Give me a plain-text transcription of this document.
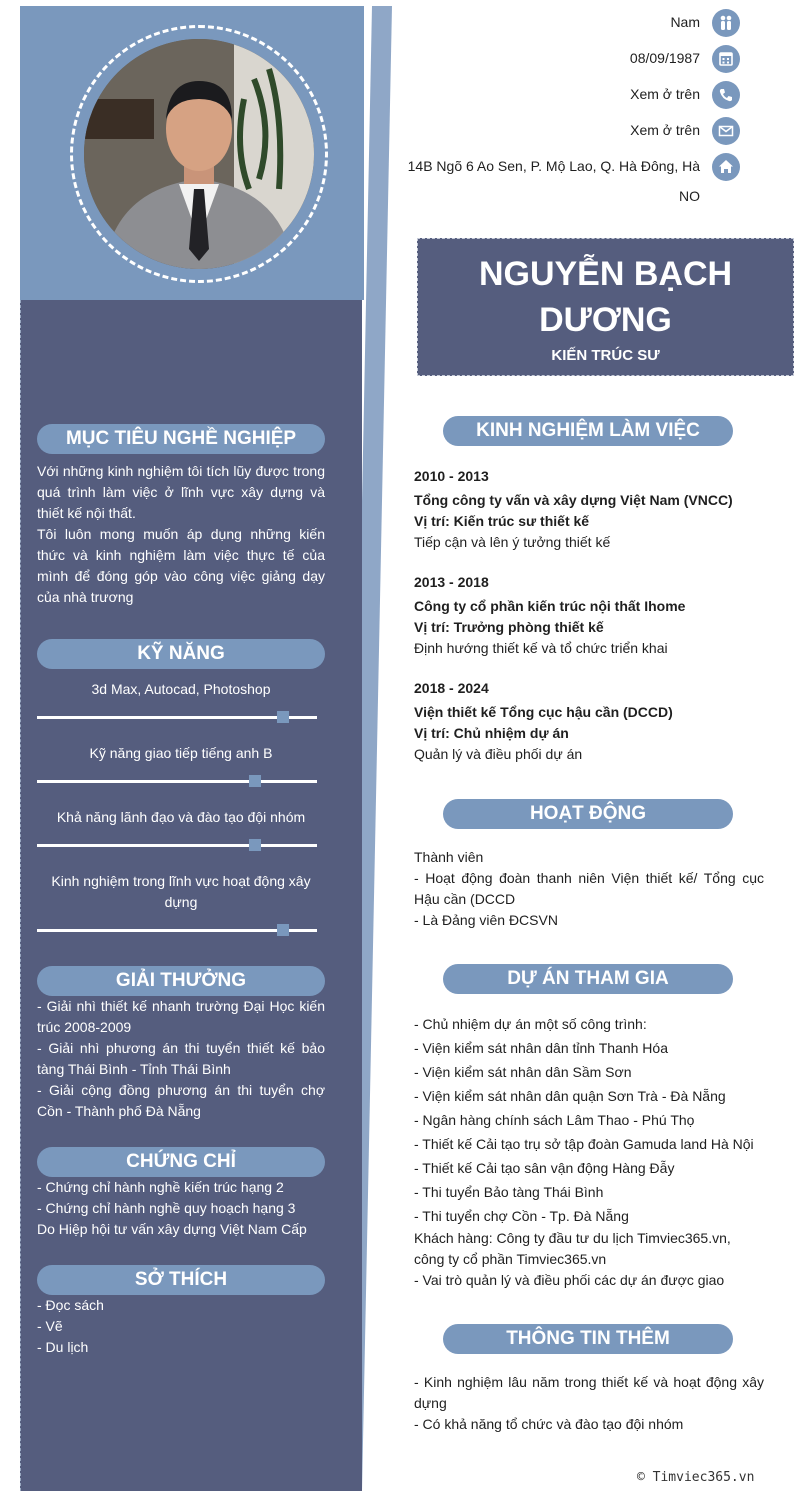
MỤC TIÊU NGHỀ NGHIỆP
Với những kinh nghiệm tôi tích lũy được trong quá trình làm việc ở lĩnh vực xây dựng và thiết kế nội thất.
Tôi luôn mong muốn áp dụng những kiến thức và kinh nghiệm làm việc thực tế của mình để đóng góp vào công việc giảng dạy của nhà trương
KỸ NĂNG
3d Max, Autocad, Photoshop
Kỹ năng giao tiếp tiếng anh B
Khả năng lãnh đạo và đào tạo đội nhóm
Kinh nghiệm trong lĩnh vực hoạt động xây dựng
GIẢI THƯỞNG
- Giải nhì thiết kế nhanh trường Đại Học kiến trúc 2008-2009
- Giải nhì phương án thi tuyển thiết kế bảo tàng Thái Bình - Tỉnh Thái Bình
- Giải cộng đồng phương án thi tuyển chợ Cồn - Thành phố Đà Nẵng
CHỨNG CHỈ
- Chứng chỉ hành nghề kiến trúc hạng 2
- Chứng chỉ hành nghề quy hoạch hạng 3
Do Hiệp hội tư vấn xây dựng Việt Nam Cấp
SỞ THÍCH
- Đọc sách
- Vẽ
- Du lịch
Nam
08/09/1987
Xem ở trên
Xem ở trên
14B Ngõ 6 Ao Sen, P. Mộ Lao, Q. Hà Đông, Hà
NO
NGUYỄN BẠCH
DƯƠNG
KIẾN TRÚC SƯ
KINH NGHIỆM LÀM VIỆC
2010 - 2013
Tổng công ty vấn và xây dựng Việt Nam (VNCC)
Vị trí: Kiến trúc sư thiết kế
Tiếp cận và lên ý tưởng thiết kế
2013 - 2018
Công ty cổ phần kiến trúc nội thất Ihome
Vị trí: Trưởng phòng thiết kế
Định hướng thiết kế và tổ chức triển khai
2018 - 2024
Viện thiết kế Tổng cục hậu cần (DCCD)
Vị trí: Chủ nhiệm dự án
Quản lý và điều phối dự án
HOẠT ĐỘNG
Thành viên
- Hoạt động đoàn thanh niên Viện thiết kế/ Tổng cục Hậu cần (DCCD
- Là Đảng viên ĐCSVN
DỰ ÁN THAM GIA
- Chủ nhiệm dự án một số công trình:
- Viện kiểm sát nhân dân tỉnh Thanh Hóa
- Viện kiểm sát nhân dân Sầm Sơn
- Viện kiểm sát nhân dân quận Sơn Trà - Đà Nẵng
- Ngân hàng chính sách Lâm Thao - Phú Thọ
- Thiết kế Cải tạo trụ sở tập đoàn Gamuda land Hà Nội
- Thiết kế Cải tạo sân vận động Hàng Đẫy
- Thi tuyển Bảo tàng Thái Bình
- Thi tuyển chợ Cồn - Tp. Đà Nẵng
Khách hàng: Công ty đầu tư du lịch Timviec365.vn, công ty cổ phần Timviec365.vn
- Vai trò quản lý và điều phối các dự án được giao
THÔNG TIN THÊM
- Kinh nghiệm lâu năm trong thiết kế và hoạt động xây dựng
- Có khả năng tổ chức và đào tạo đội nhóm
© Timviec365.vn
